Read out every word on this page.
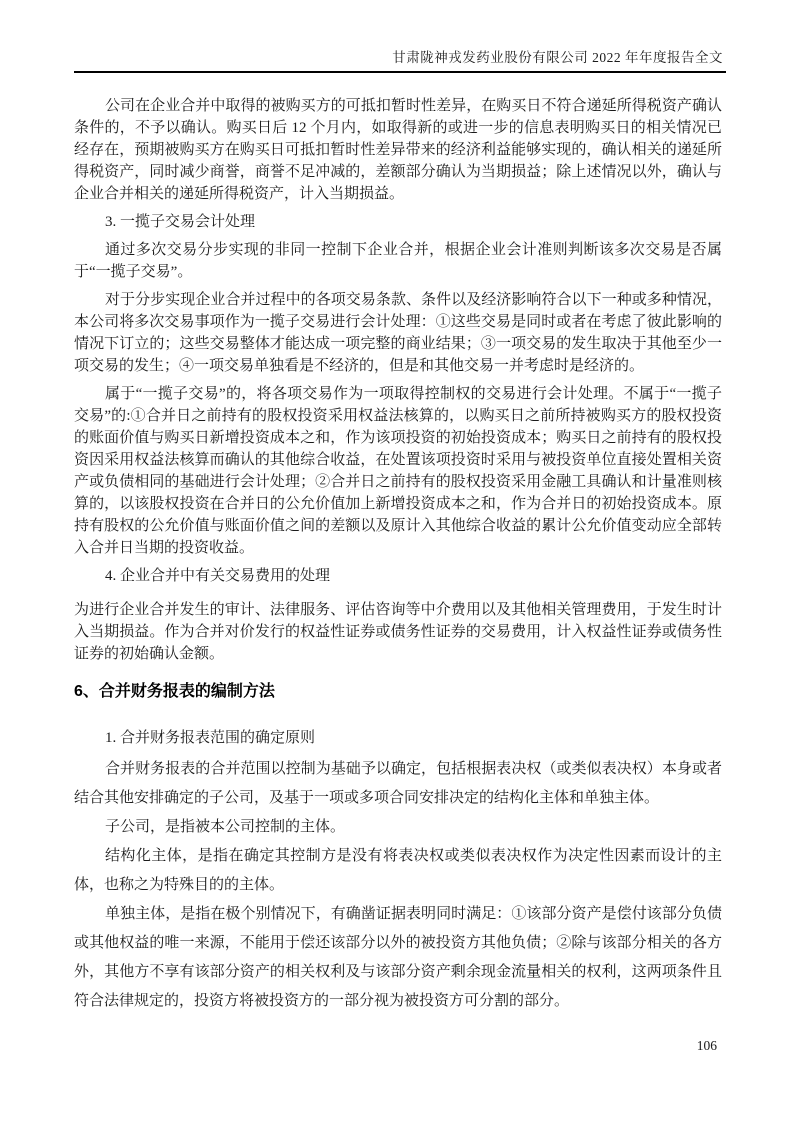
甘肃陇神戎发药业股份有限公司 2022 年年度报告全文

公司在企业合并中取得的被购买方的可抵扣暂时性差异，在购买日不符合递延所得税资产确认条件的，不予以确认。购买日后 12 个月内，如取得新的或进一步的信息表明购买日的相关情况已经存在，预期被购买方在购买日可抵扣暂时性差异带来的经济利益能够实现的，确认相关的递延所得税资产，同时减少商誉，商誉不足冲减的，差额部分确认为当期损益；除上述情况以外，确认与企业合并相关的递延所得税资产，计入当期损益。

3. 一揽子交易会计处理

通过多次交易分步实现的非同一控制下企业合并，根据企业会计准则判断该多次交易是否属于“一揽子交易”。

对于分步实现企业合并过程中的各项交易条款、条件以及经济影响符合以下一种或多种情况，本公司将多次交易事项作为一揽子交易进行会计处理：①这些交易是同时或者在考虑了彼此影响的情况下订立的；这些交易整体才能达成一项完整的商业结果；③一项交易的发生取决于其他至少一项交易的发生；④一项交易单独看是不经济的，但是和其他交易一并考虑时是经济的。

属于“一揽子交易”的，将各项交易作为一项取得控制权的交易进行会计处理。不属于“一揽子交易”的:①合并日之前持有的股权投资采用权益法核算的，以购买日之前所持被购买方的股权投资的账面价值与购买日新增投资成本之和，作为该项投资的初始投资成本；购买日之前持有的股权投资因采用权益法核算而确认的其他综合收益，在处置该项投资时采用与被投资单位直接处置相关资产或负债相同的基础进行会计处理；②合并日之前持有的股权投资采用金融工具确认和计量准则核算的，以该股权投资在合并日的公允价值加上新增投资成本之和，作为合并日的初始投资成本。原持有股权的公允价值与账面价值之间的差额以及原计入其他综合收益的累计公允价值变动应全部转入合并日当期的投资收益。

4. 企业合并中有关交易费用的处理

为进行企业合并发生的审计、法律服务、评估咨询等中介费用以及其他相关管理费用，于发生时计入当期损益。作为合并对价发行的权益性证券或债务性证券的交易费用，计入权益性证券或债务性证券的初始确认金额。

6、合并财务报表的编制方法

1. 合并财务报表范围的确定原则

合并财务报表的合并范围以控制为基础予以确定，包括根据表决权（或类似表决权）本身或者结合其他安排确定的子公司，及基于一项或多项合同安排决定的结构化主体和单独主体。

子公司，是指被本公司控制的主体。

结构化主体，是指在确定其控制方是没有将表决权或类似表决权作为决定性因素而设计的主体，也称之为特殊目的的主体。

单独主体，是指在极个别情况下，有确凿证据表明同时满足：①该部分资产是偿付该部分负债或其他权益的唯一来源，不能用于偿还该部分以外的被投资方其他负债；②除与该部分相关的各方外，其他方不享有该部分资产的相关权利及与该部分资产剩余现金流量相关的权利，这两项条件且符合法律规定的，投资方将被投资方的一部分视为被投资方可分割的部分。

106
